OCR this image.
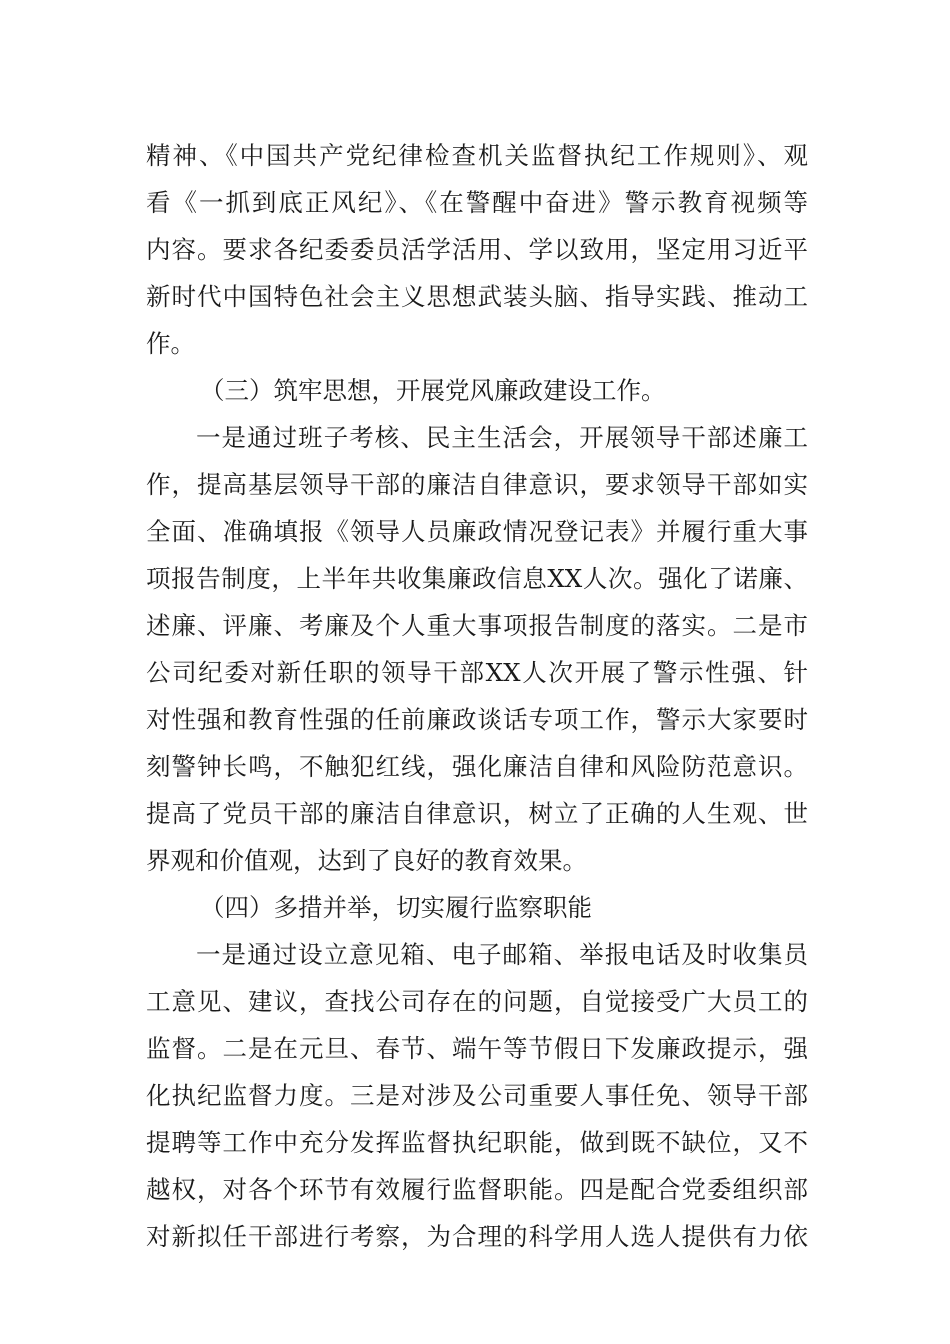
精神、《中国共产党纪律检查机关监督执纪工作规则》、观
看《一抓到底正风纪》、《在警醒中奋进》警示教育视频等
内容。要求各纪委委员活学活用、学以致用，坚定用习近平
新时代中国特色社会主义思想武装头脑、指导实践、推动工
作。
（三）筑牢思想，开展党风廉政建设工作。
一是通过班子考核、民主生活会，开展领导干部述廉工
作，提高基层领导干部的廉洁自律意识，要求领导干部如实
全面、准确填报《领导人员廉政情况登记表》并履行重大事
项报告制度，上半年共收集廉政信息XX人次。强化了诺廉、
述廉、评廉、考廉及个人重大事项报告制度的落实。二是市
公司纪委对新任职的领导干部XX人次开展了警示性强、针
对性强和教育性强的任前廉政谈话专项工作，警示大家要时
刻警钟长鸣，不触犯红线，强化廉洁自律和风险防范意识。
提高了党员干部的廉洁自律意识，树立了正确的人生观、世
界观和价值观，达到了良好的教育效果。
（四）多措并举，切实履行监察职能
一是通过设立意见箱、电子邮箱、举报电话及时收集员
工意见、建议，查找公司存在的问题，自觉接受广大员工的
监督。二是在元旦、春节、端午等节假日下发廉政提示，强
化执纪监督力度。三是对涉及公司重要人事任免、领导干部
提聘等工作中充分发挥监督执纪职能，做到既不缺位，又不
越权，对各个环节有效履行监督职能。四是配合党委组织部
对新拟任干部进行考察，为合理的科学用人选人提供有力依
